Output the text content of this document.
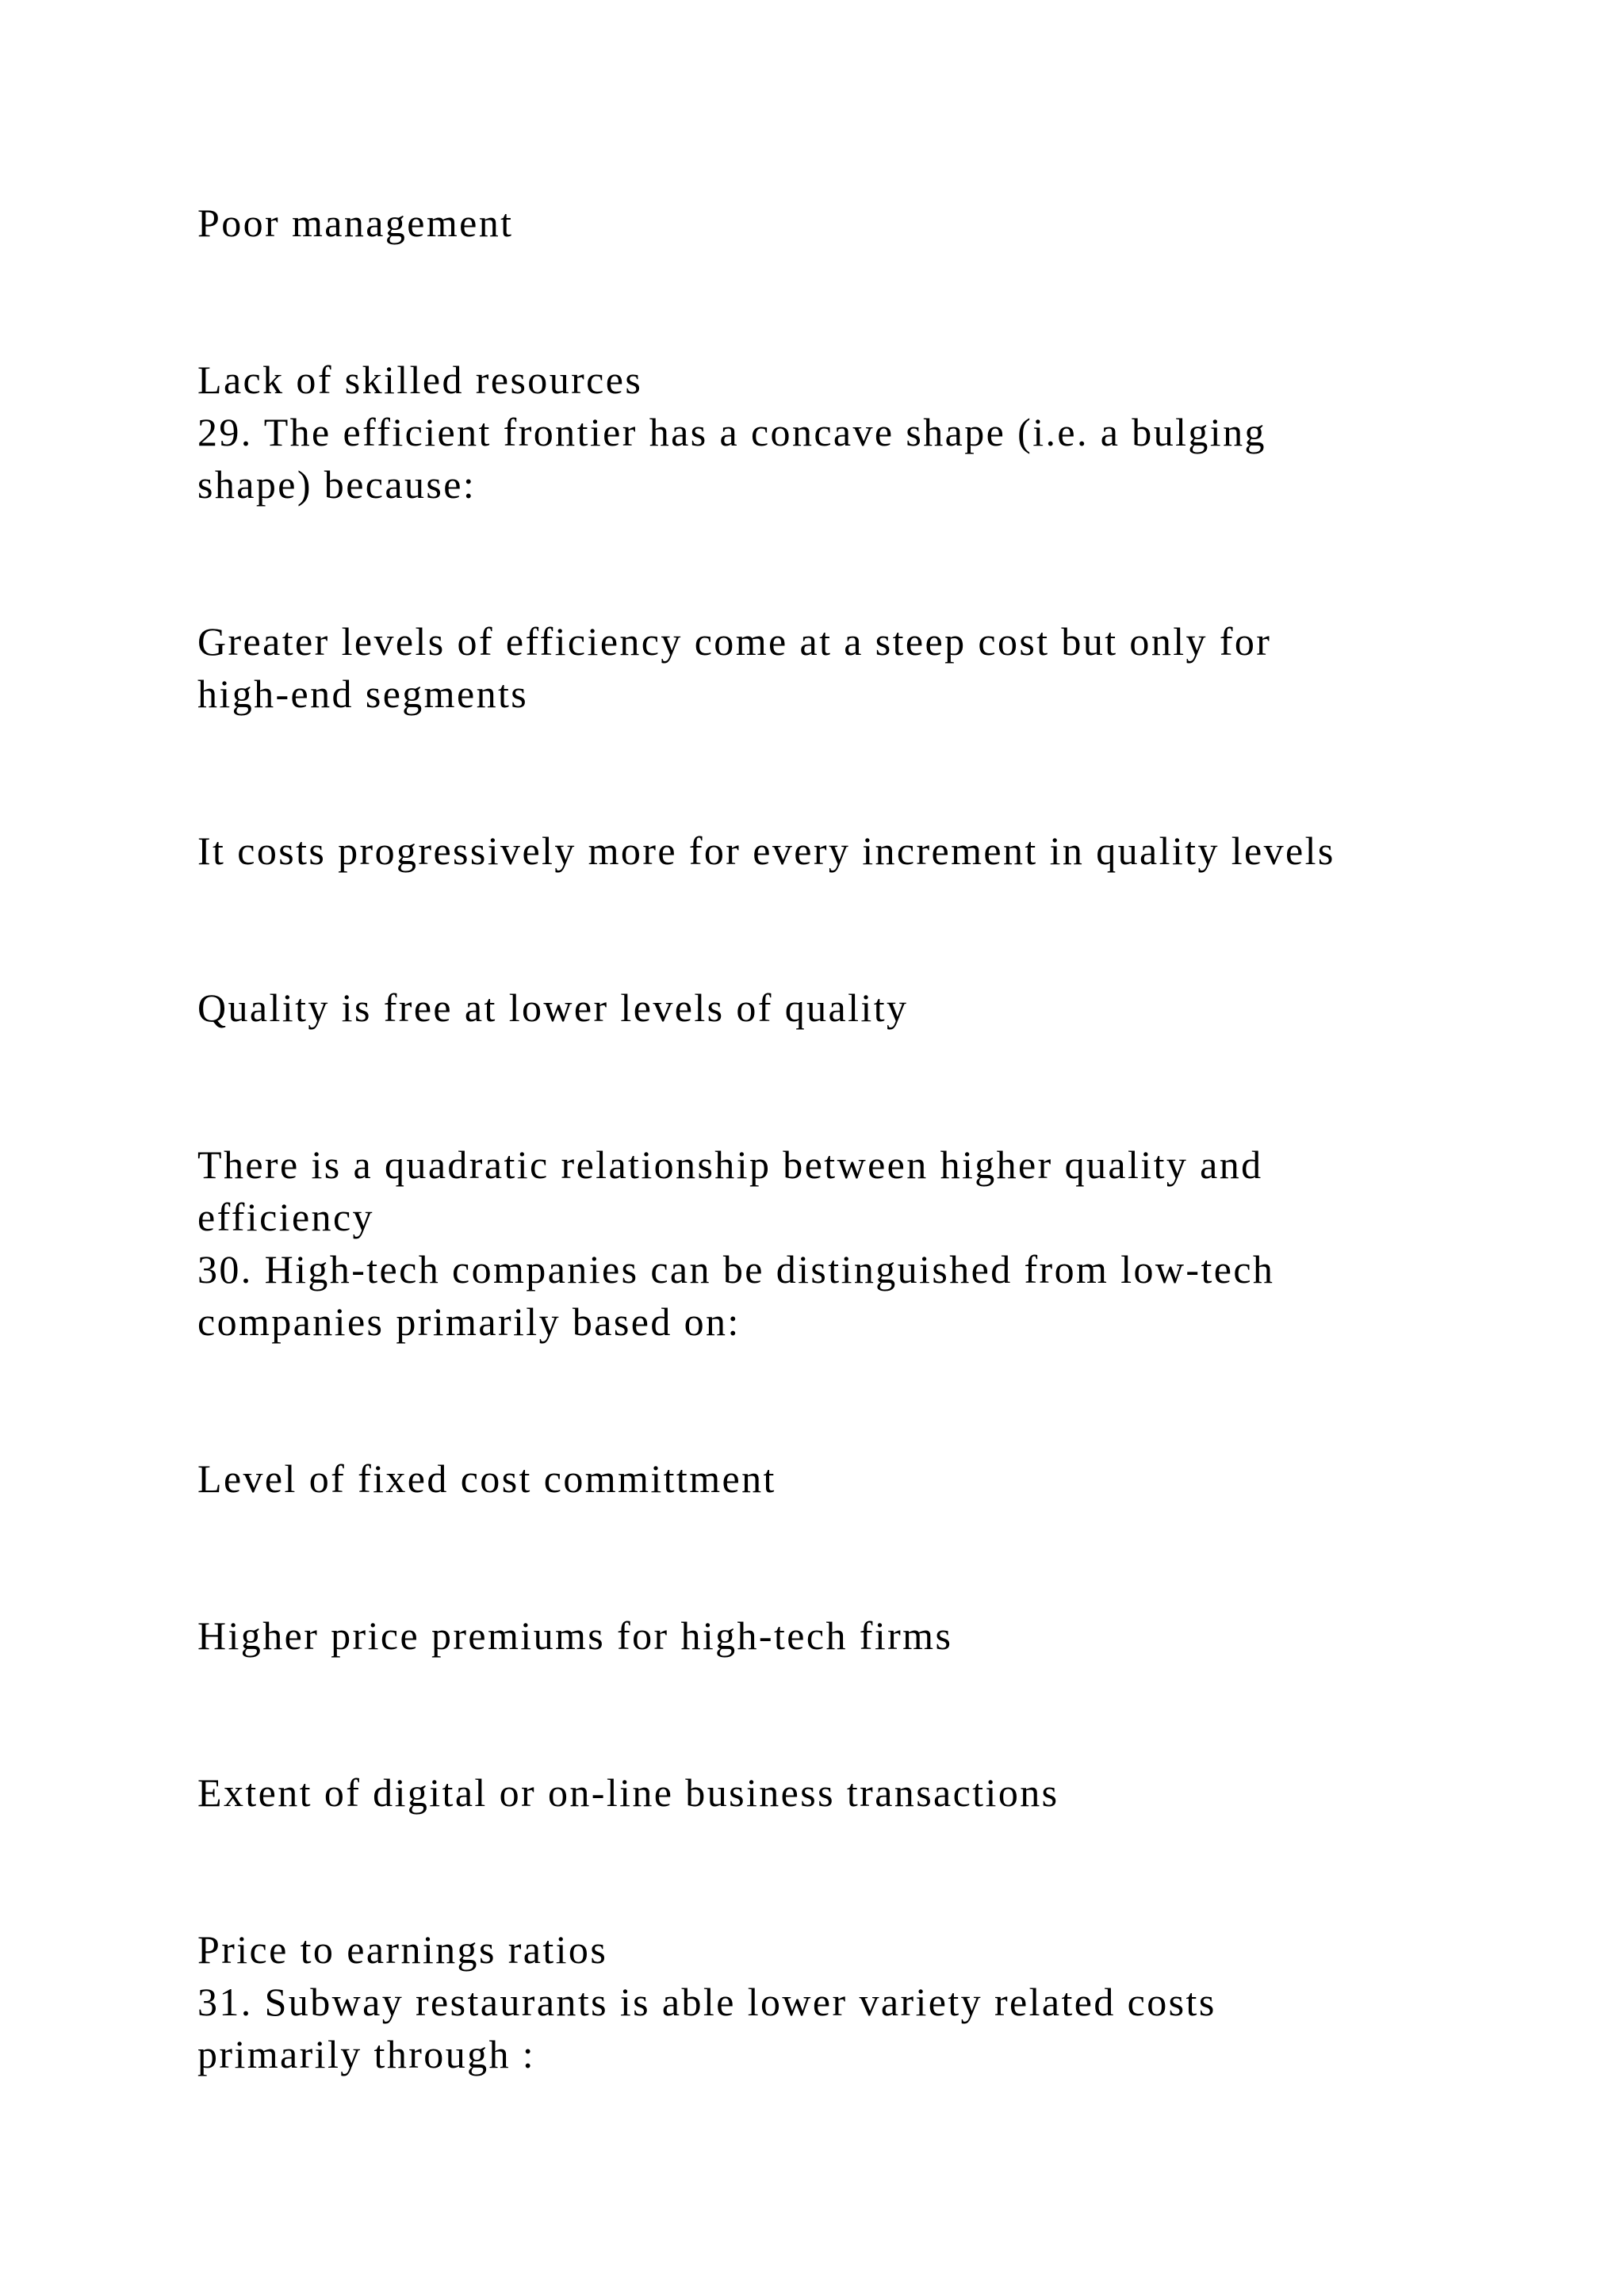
Poor management

Lack of skilled resources

29. The efficient frontier has a concave shape (i.e. a bulging

shape) because:

Greater levels of efficiency come at a steep cost but only for

high-end segments

It costs progressively more for every increment in quality levels

Quality is free at lower levels of quality

There is a quadratic relationship between higher quality and

efficiency

30. High-tech companies can be distinguished from low-tech

companies primarily based on:

Level of fixed cost committment

Higher price premiums for high-tech firms

Extent of digital or on-line business transactions

Price to earnings ratios

31. Subway restaurants is able lower variety related costs

primarily through :
